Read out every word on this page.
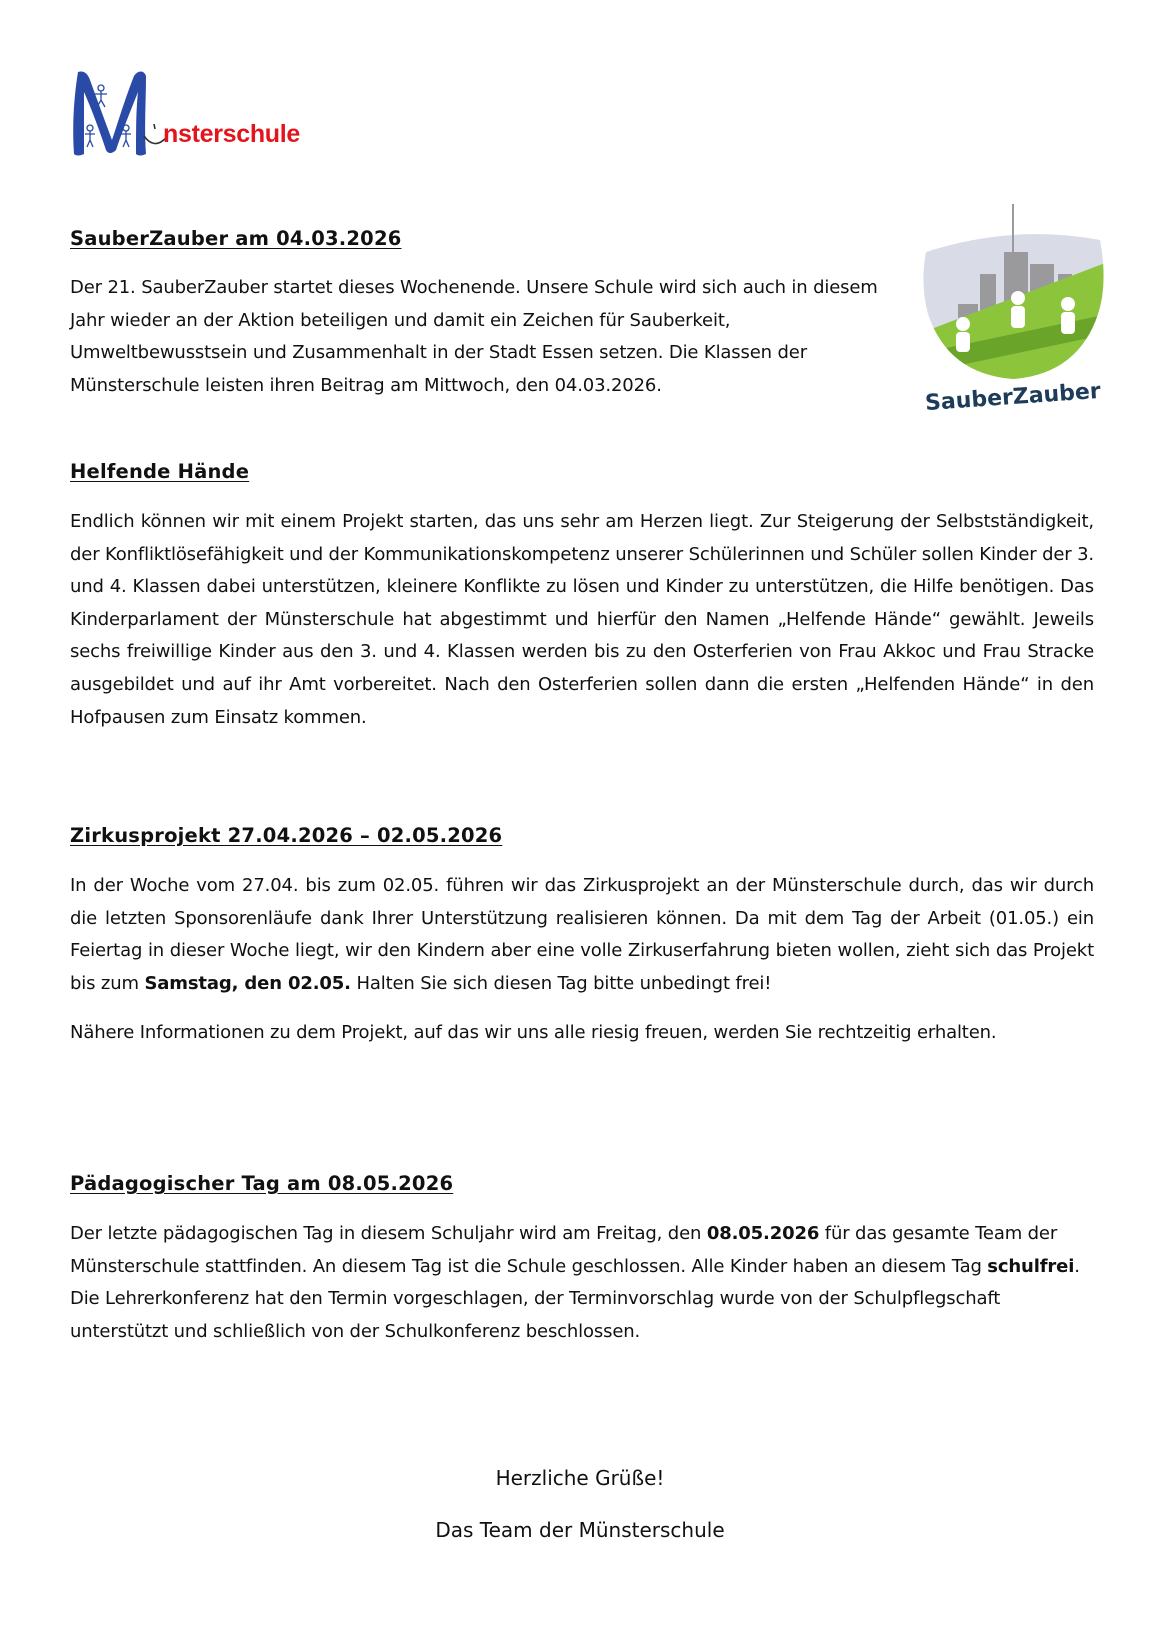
nsterschule
SauberZauber am 04.03.2026

Der 21. SauberZauber startet dieses Wochenende. Unsere Schule wird sich auch in diesem Jahr wieder an der Aktion beteiligen und damit ein Zeichen für Sauberkeit, Umweltbewusstsein und Zusammenhalt in der Stadt Essen setzen. Die Klassen der Münsterschule leisten ihren Beitrag am Mittwoch, den 04.03.2026.	SauberZauber
Helfende Hände

Endlich können wir mit einem Projekt starten, das uns sehr am Herzen liegt. Zur Steigerung der Selbstständigkeit, der Konfliktlösefähigkeit und der Kommunikationskompetenz unserer Schülerinnen und Schüler sollen Kinder der 3. und 4. Klassen dabei unterstützen, kleinere Konflikte zu lösen und Kinder zu unterstützen, die Hilfe benötigen. Das Kinderparlament der Münsterschule hat abgestimmt und hierfür den Namen „Helfende Hände“ gewählt. Jeweils sechs freiwillige Kinder aus den 3. und 4. Klassen werden bis zu den Osterferien von Frau Akkoc und Frau Stracke ausgebildet und auf ihr Amt vorbereitet. Nach den Osterferien sollen dann die ersten „Helfenden Hände“ in den Hofpausen zum Einsatz kommen.

Zirkusprojekt 27.04.2026 – 02.05.2026

In der Woche vom 27.04. bis zum 02.05. führen wir das Zirkusprojekt an der Münsterschule durch, das wir durch die letzten Sponsorenläufe dank Ihrer Unterstützung realisieren können. Da mit dem Tag der Arbeit (01.05.) ein Feiertag in dieser Woche liegt, wir den Kindern aber eine volle Zirkuserfahrung bieten wollen, zieht sich das Projekt bis zum Samstag, den 02.05. Halten Sie sich diesen Tag bitte unbedingt frei!

Nähere Informationen zu dem Projekt, auf das wir uns alle riesig freuen, werden Sie rechtzeitig erhalten.

Pädagogischer Tag am 08.05.2026

Der letzte pädagogischen Tag in diesem Schuljahr wird am Freitag, den 08.05.2026 für das gesamte Team der Münsterschule stattfinden. An diesem Tag ist die Schule geschlossen. Alle Kinder haben an diesem Tag schulfrei. Die Lehrerkonferenz hat den Termin vorgeschlagen, der Terminvorschlag wurde von der Schulpflegschaft unterstützt und schließlich von der Schulkonferenz beschlossen.

Herzliche Grüße!
Das Team der Münsterschule
